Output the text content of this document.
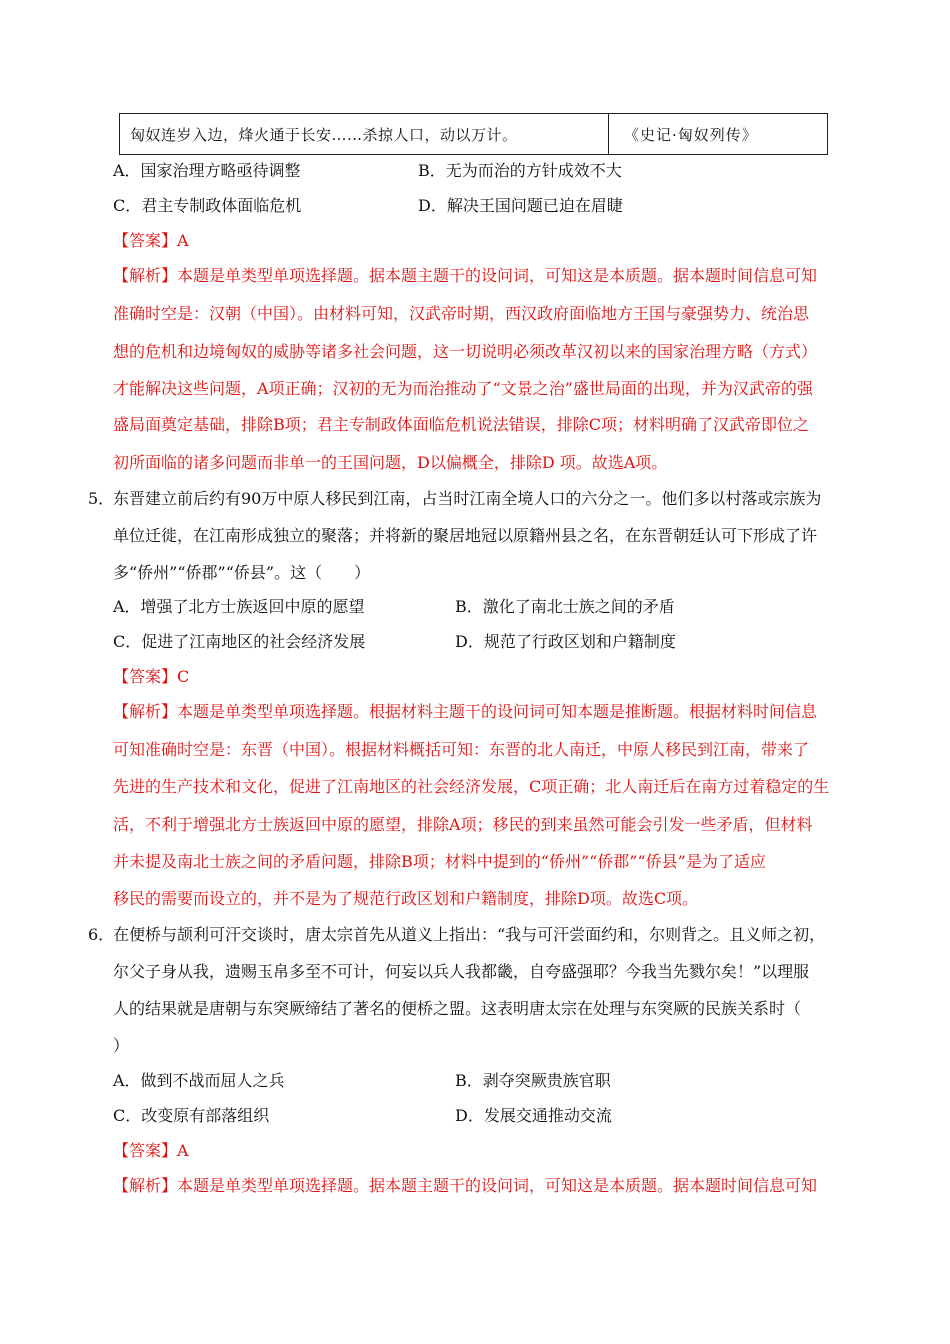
匈奴连岁入边，烽火通于长安……杀掠人口，动以万计。	《史记·匈奴列传》
A．国家治理方略亟待调整	B．无为而治的方针成效不大
C．君主专制政体面临危机	D．解决王国问题已迫在眉睫
【答案】A
【解析】本题是单类型单项选择题。据本题主题干的设问词，可知这是本质题。据本题时间信息可知
准确时空是：汉朝（中国）。由材料可知，汉武帝时期，西汉政府面临地方王国与豪强势力、统治思
想的危机和边境匈奴的威胁等诸多社会问题，这一切说明必须改革汉初以来的国家治理方略（方式）
才能解决这些问题，A项正确；汉初的无为而治推动了“文景之治”盛世局面的出现，并为汉武帝的强
盛局面奠定基础，排除B项；君主专制政体面临危机说法错误，排除C项；材料明确了汉武帝即位之
初所面临的诸多问题而非单一的王国问题，D以偏概全，排除D 项。故选A项。
5．
东晋建立前后约有90万中原人移民到江南，占当时江南全境人口的六分之一。他们多以村落或宗族为
单位迁徙，在江南形成独立的聚落；并将新的聚居地冠以原籍州县之名，在东晋朝廷认可下形成了许
多“侨州”“侨郡”“侨县”。这（　　）
A．增强了北方士族返回中原的愿望	B．激化了南北士族之间的矛盾
C．促进了江南地区的社会经济发展	D．规范了行政区划和户籍制度
【答案】C
【解析】本题是单类型单项选择题。根据材料主题干的设问词可知本题是推断题。根据材料时间信息
可知准确时空是：东晋（中国）。根据材料概括可知：东晋的北人南迁，中原人移民到江南，带来了
先进的生产技术和文化，促进了江南地区的社会经济发展，C项正确；北人南迁后在南方过着稳定的生
活，不利于增强北方士族返回中原的愿望，排除A项；移民的到来虽然可能会引发一些矛盾，但材料
并未提及南北士族之间的矛盾问题，排除B项；材料中提到的“侨州”“侨郡”“侨县”是为了适应
移民的需要而设立的，并不是为了规范行政区划和户籍制度，排除D项。故选C项。
6．
在便桥与颉利可汗交谈时，唐太宗首先从道义上指出：“我与可汗尝面约和，尔则背之。且义师之初，
尔父子身从我，遗赐玉帛多至不可计，何妄以兵人我都畿，自夸盛强耶？今我当先戮尔矣！”以理服
人的结果就是唐朝与东突厥缔结了著名的便桥之盟。这表明唐太宗在处理与东突厥的民族关系时（
）
A．做到不战而屈人之兵	B．剥夺突厥贵族官职
C．改变原有部落组织	D．发展交通推动交流
【答案】A
【解析】本题是单类型单项选择题。据本题主题干的设问词，可知这是本质题。据本题时间信息可知
